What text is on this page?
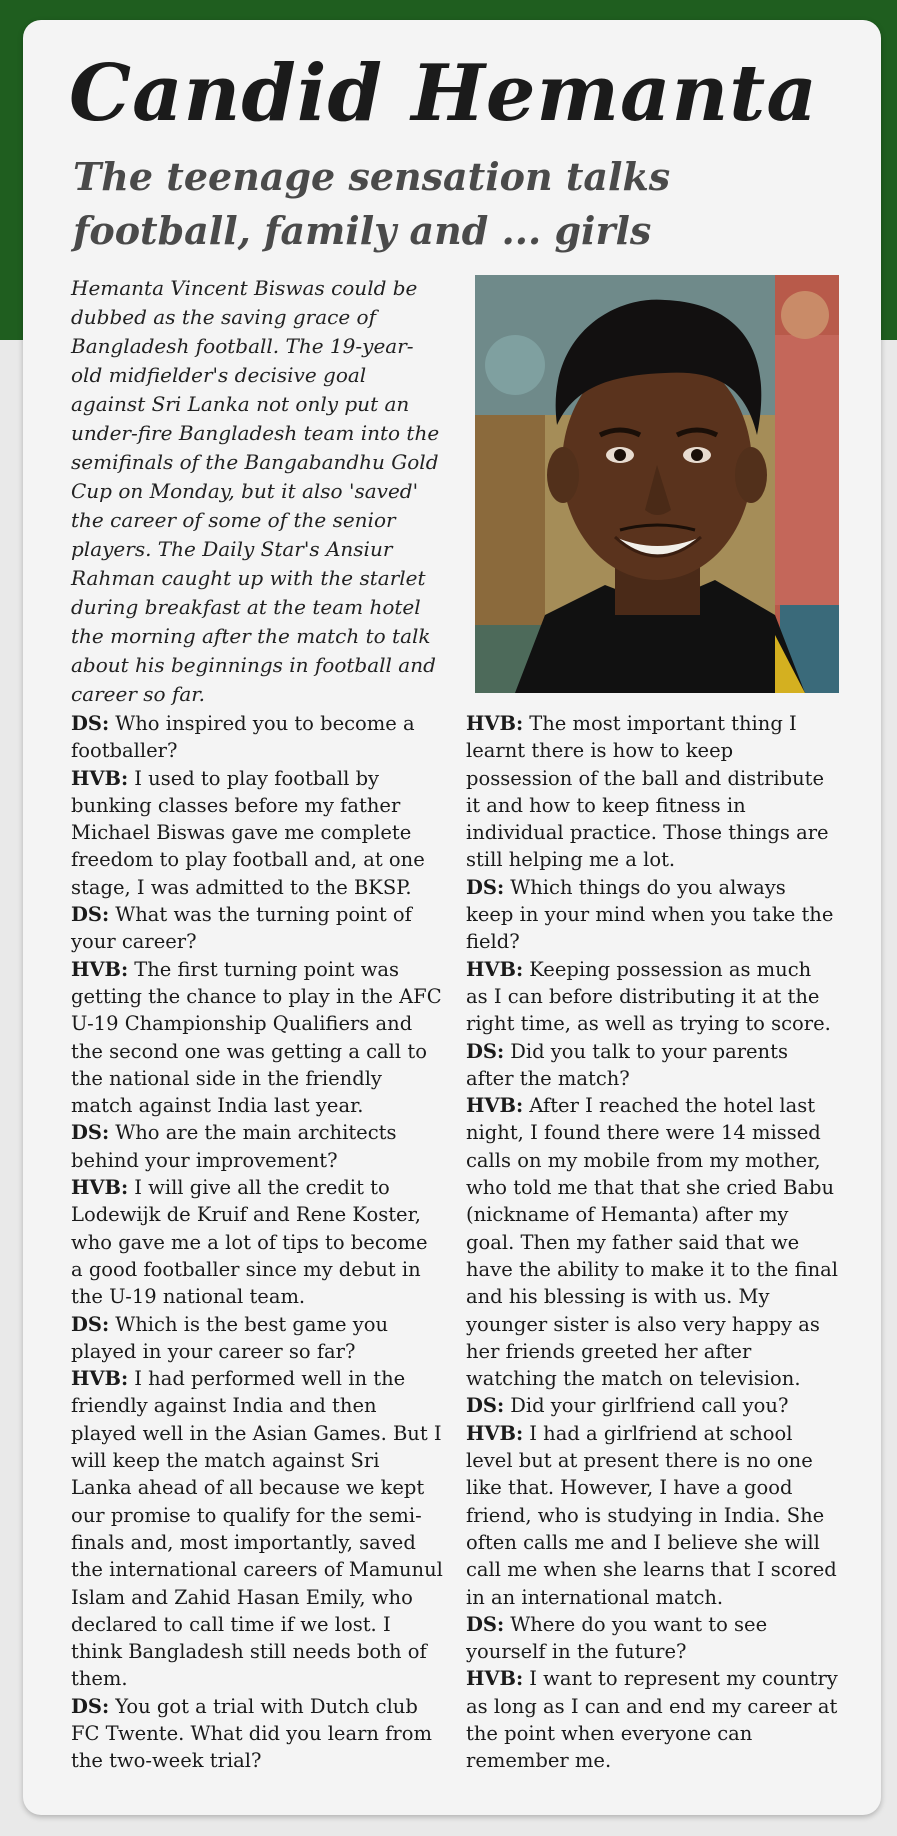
Candid Hemanta
The teenage sensation talks football, family and ... girls

Hemanta Vincent Biswas could be dubbed as the saving grace of Bangladesh football. The 19-year-old midfielder's decisive goal against Sri Lanka not only put an under-fire Bangladesh team into the semifinals of the Bangabandhu Gold Cup on Monday, but it also 'saved' the career of some of the senior players. The Daily Star's Ansiur Rahman caught up with the starlet during breakfast at the team hotel the morning after the match to talk about his beginnings in football and career so far.

DS: Who inspired you to become a footballer?

HVB: I used to play football by bunking classes before my father Michael Biswas gave me complete freedom to play football and, at one stage, I was admitted to the BKSP.

DS: What was the turning point of your career?

HVB: The first turning point was getting the chance to play in the AFC U-19 Championship Qualifiers and the second one was getting a call to the national side in the friendly match against India last year.

DS: Who are the main architects behind your improvement?

HVB: I will give all the credit to Lodewijk de Kruif and Rene Koster, who gave me a lot of tips to become a good footballer since my debut in the U-19 national team.

DS: Which is the best game you played in your career so far?

HVB: I had performed well in the friendly against India and then played well in the Asian Games. But I will keep the match against Sri Lanka ahead of all because we kept our promise to qualify for the semi-finals and, most importantly, saved the international careers of Mamunul Islam and Zahid Hasan Emily, who declared to call time if we lost. I think Bangladesh still needs both of them.

DS: You got a trial with Dutch club FC Twente. What did you learn from the two-week trial?

HVB: The most important thing I learnt there is how to keep possession of the ball and distribute it and how to keep fitness in individual practice. Those things are still helping me a lot.

DS: Which things do you always keep in your mind when you take the field?

HVB: Keeping possession as much as I can before distributing it at the right time, as well as trying to score.

DS: Did you talk to your parents after the match?

HVB: After I reached the hotel last night, I found there were 14 missed calls on my mobile from my mother, who told me that that she cried Babu (nickname of Hemanta) after my goal. Then my father said that we have the ability to make it to the final and his blessing is with us. My younger sister is also very happy as her friends greeted her after watching the match on television.

DS: Did your girlfriend call you?

HVB: I had a girlfriend at school level but at present there is no one like that. However, I have a good friend, who is studying in India. She often calls me and I believe she will call me when she learns that I scored in an international match.

DS: Where do you want to see yourself in the future?

HVB: I want to represent my country as long as I can and end my career at the point when everyone can remember me.
